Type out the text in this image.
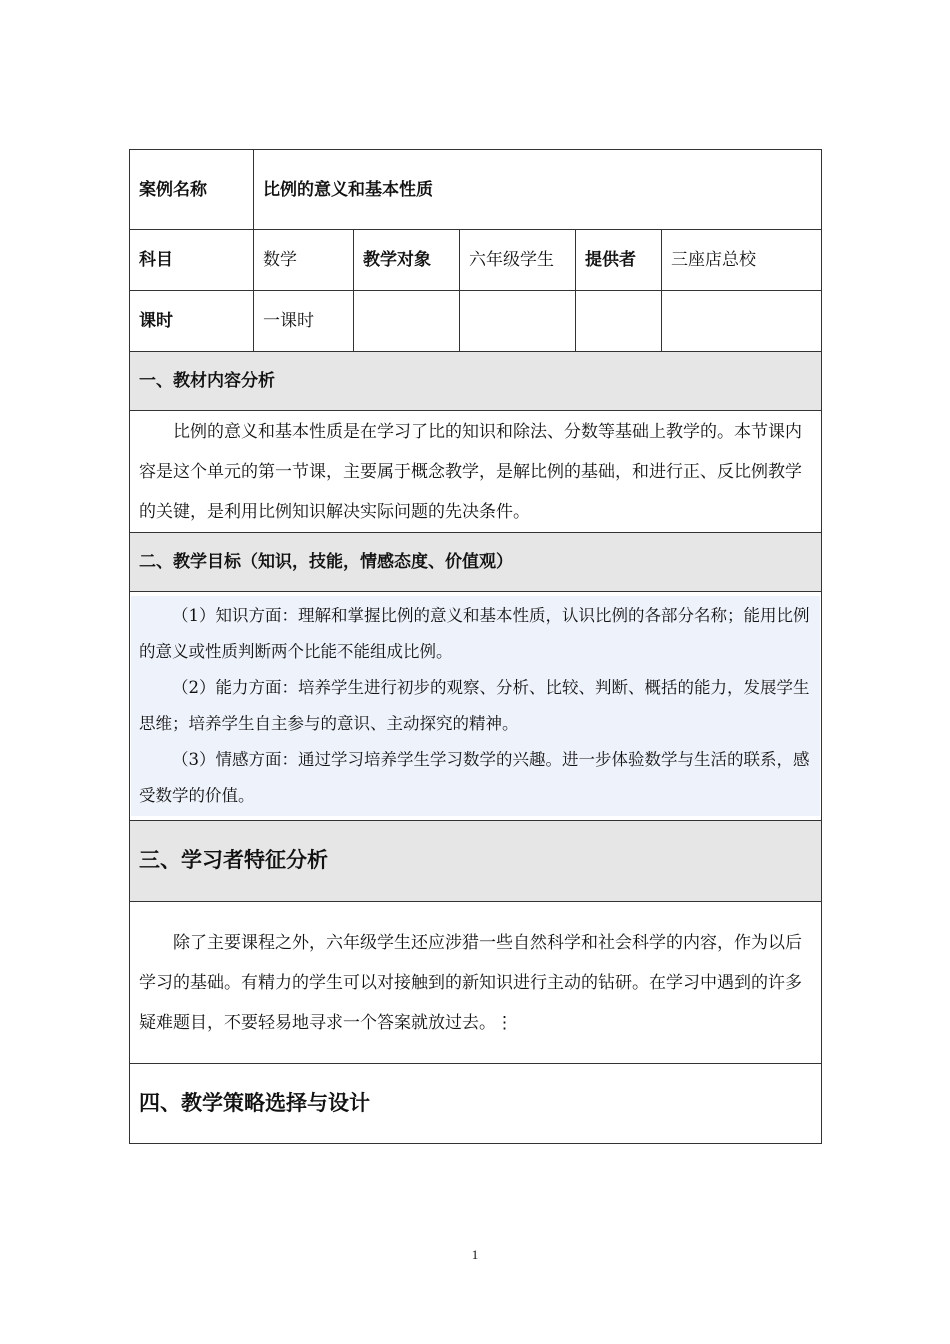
案例名称	比例的意义和基本性质				
科目	数学	教学对象	六年级学生	提供者	三座店总校
课时	一课时				
一、教材内容分析					

比例的意义和基本性质是在学习了比的知识和除法、分数等基础上教学的。本节课内容是这个单元的第一节课，主要属于概念教学，是解比例的基础，和进行正、反比例教学的关键，是利用比例知识解决实际问题的先决条件。					

二、教学目标（知识，技能，情感态度、价值观）					

（1）知识方面：理解和掌握比例的意义和基本性质，认识比例的各部分名称；能用比例的意义或性质判断两个比能不能组成比例。

（2）能力方面：培养学生进行初步的观察、分析、比较、判断、概括的能力，发展学生思维；培养学生自主参与的意识、主动探究的精神。

（3）情感方面：通过学习培养学生学习数学的兴趣。进一步体验数学与生活的联系，感受数学的价值。					

三、学习者特征分析					

除了主要课程之外，六年级学生还应涉猎一些自然科学和社会科学的内容，作为以后学习的基础。有精力的学生可以对接触到的新知识进行主动的钻研。在学习中遇到的许多疑难题目，不要轻易地寻求一个答案就放过去。⋮					

四、教学策略选择与设计					
1
